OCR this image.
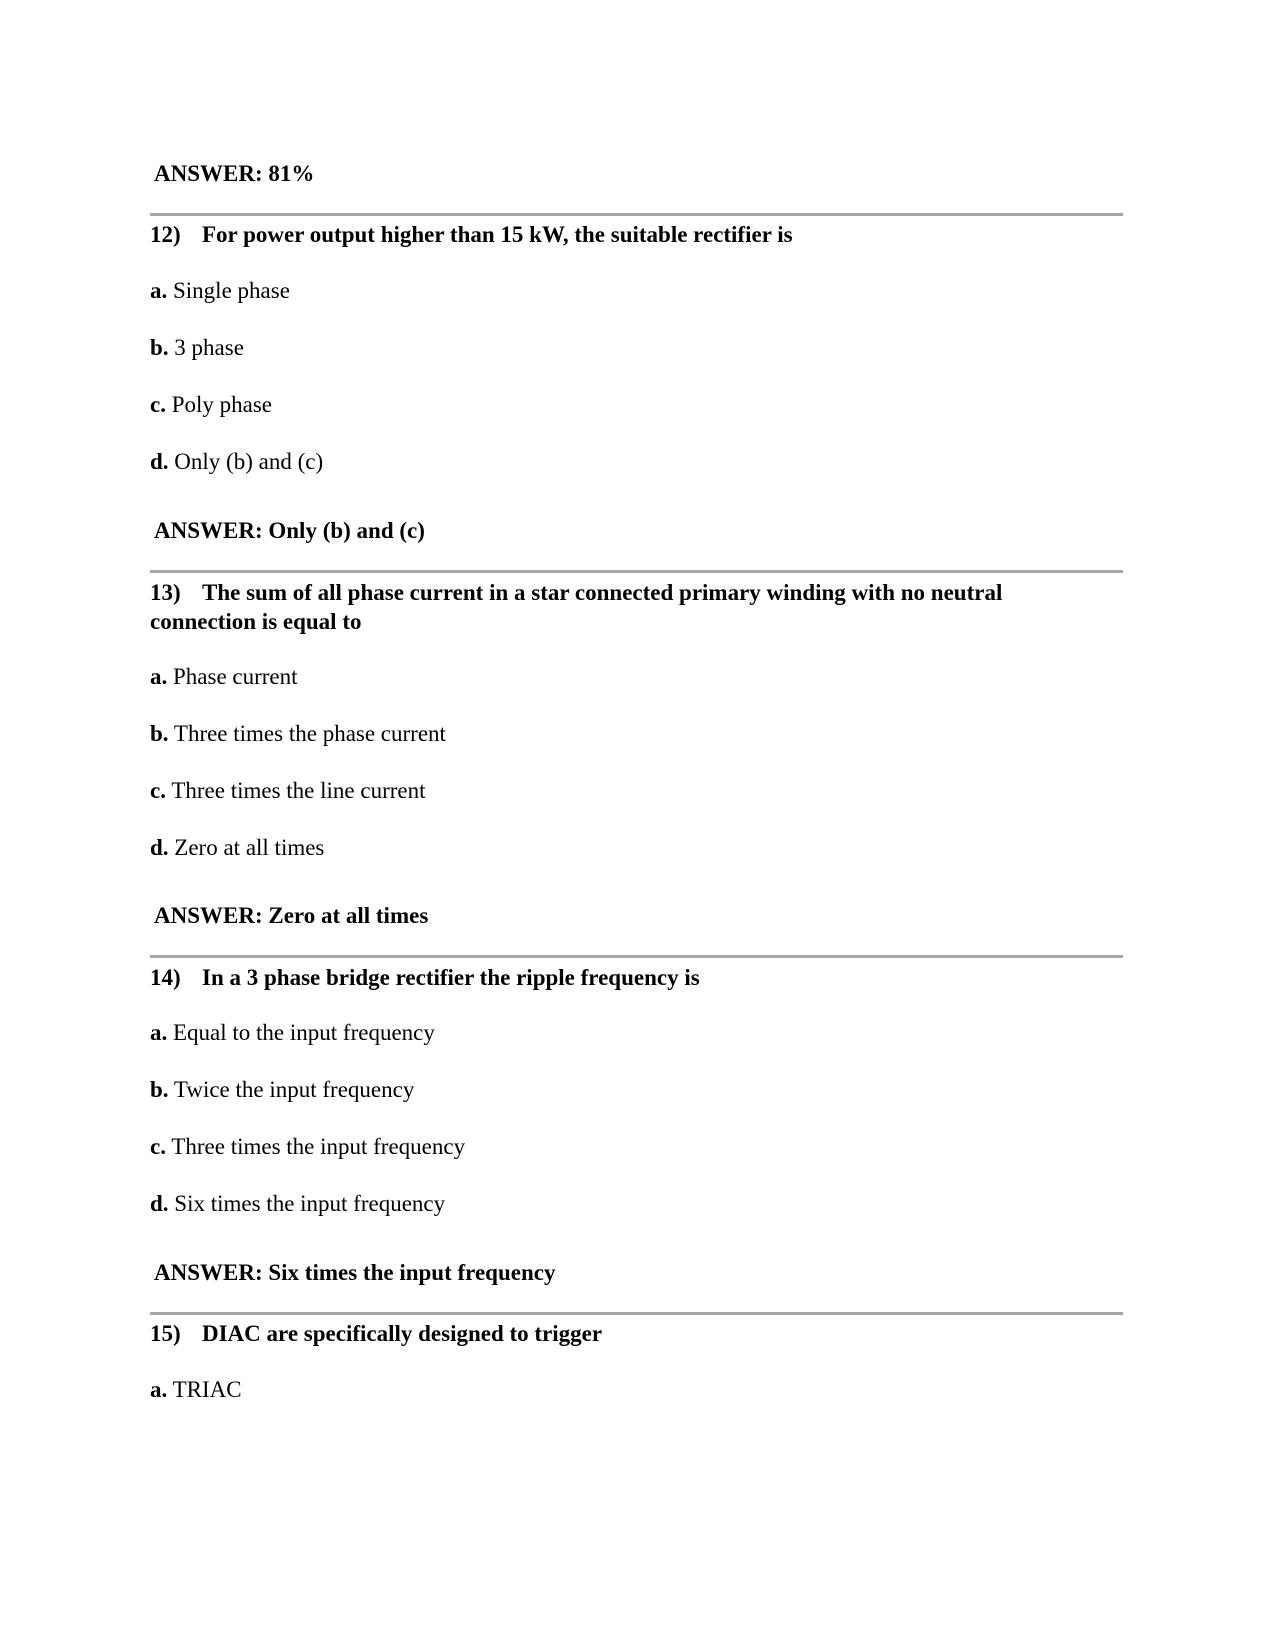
ANSWER: 81%
12) For power output higher than 15 kW, the suitable rectifier is
a. Single phase
b. 3 phase
c. Poly phase
d. Only (b) and (c)
ANSWER: Only (b) and (c)
13) The sum of all phase current in a star connected primary winding with no neutral
connection is equal to
a. Phase current
b. Three times the phase current
c. Three times the line current
d. Zero at all times
ANSWER: Zero at all times
14) In a 3 phase bridge rectifier the ripple frequency is
a. Equal to the input frequency
b. Twice the input frequency
c. Three times the input frequency
d. Six times the input frequency
ANSWER: Six times the input frequency
15) DIAC are specifically designed to trigger
a. TRIAC
